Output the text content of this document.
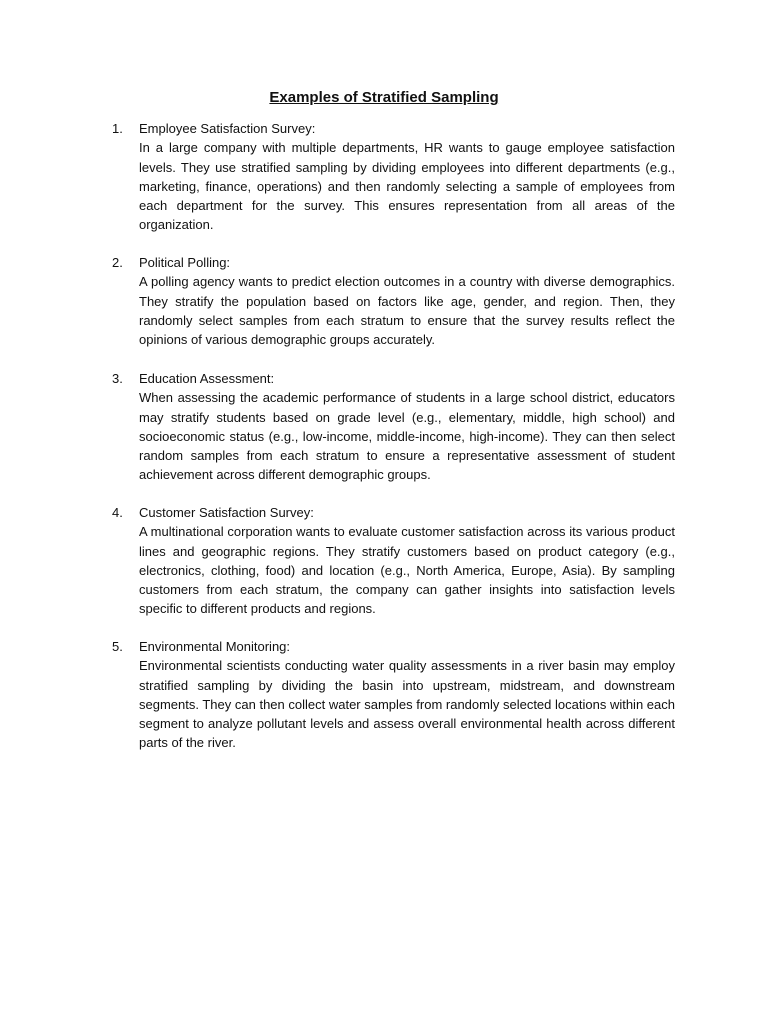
Examples of Stratified Sampling
1.	Employee Satisfaction Survey:

In a large company with multiple departments, HR wants to gauge employee satisfaction levels. They use stratified sampling by dividing employees into different departments (e.g., marketing, finance, operations) and then randomly selecting a sample of employees from each department for the survey. This ensures representation from all areas of the organization.

2.	Political Polling:

A polling agency wants to predict election outcomes in a country with diverse demographics. They stratify the population based on factors like age, gender, and region. Then, they randomly select samples from each stratum to ensure that the survey results reflect the opinions of various demographic groups accurately.

3.	Education Assessment:

When assessing the academic performance of students in a large school district, educators may stratify students based on grade level (e.g., elementary, middle, high school) and socioeconomic status (e.g., low-income, middle-income, high-income). They can then select random samples from each stratum to ensure a representative assessment of student achievement across different demographic groups.

4.	Customer Satisfaction Survey:

A multinational corporation wants to evaluate customer satisfaction across its various product lines and geographic regions. They stratify customers based on product category (e.g., electronics, clothing, food) and location (e.g., North America, Europe, Asia). By sampling customers from each stratum, the company can gather insights into satisfaction levels specific to different products and regions.

5.	Environmental Monitoring:

Environmental scientists conducting water quality assessments in a river basin may employ stratified sampling by dividing the basin into upstream, midstream, and downstream segments. They can then collect water samples from randomly selected locations within each segment to analyze pollutant levels and assess overall environmental health across different parts of the river.
